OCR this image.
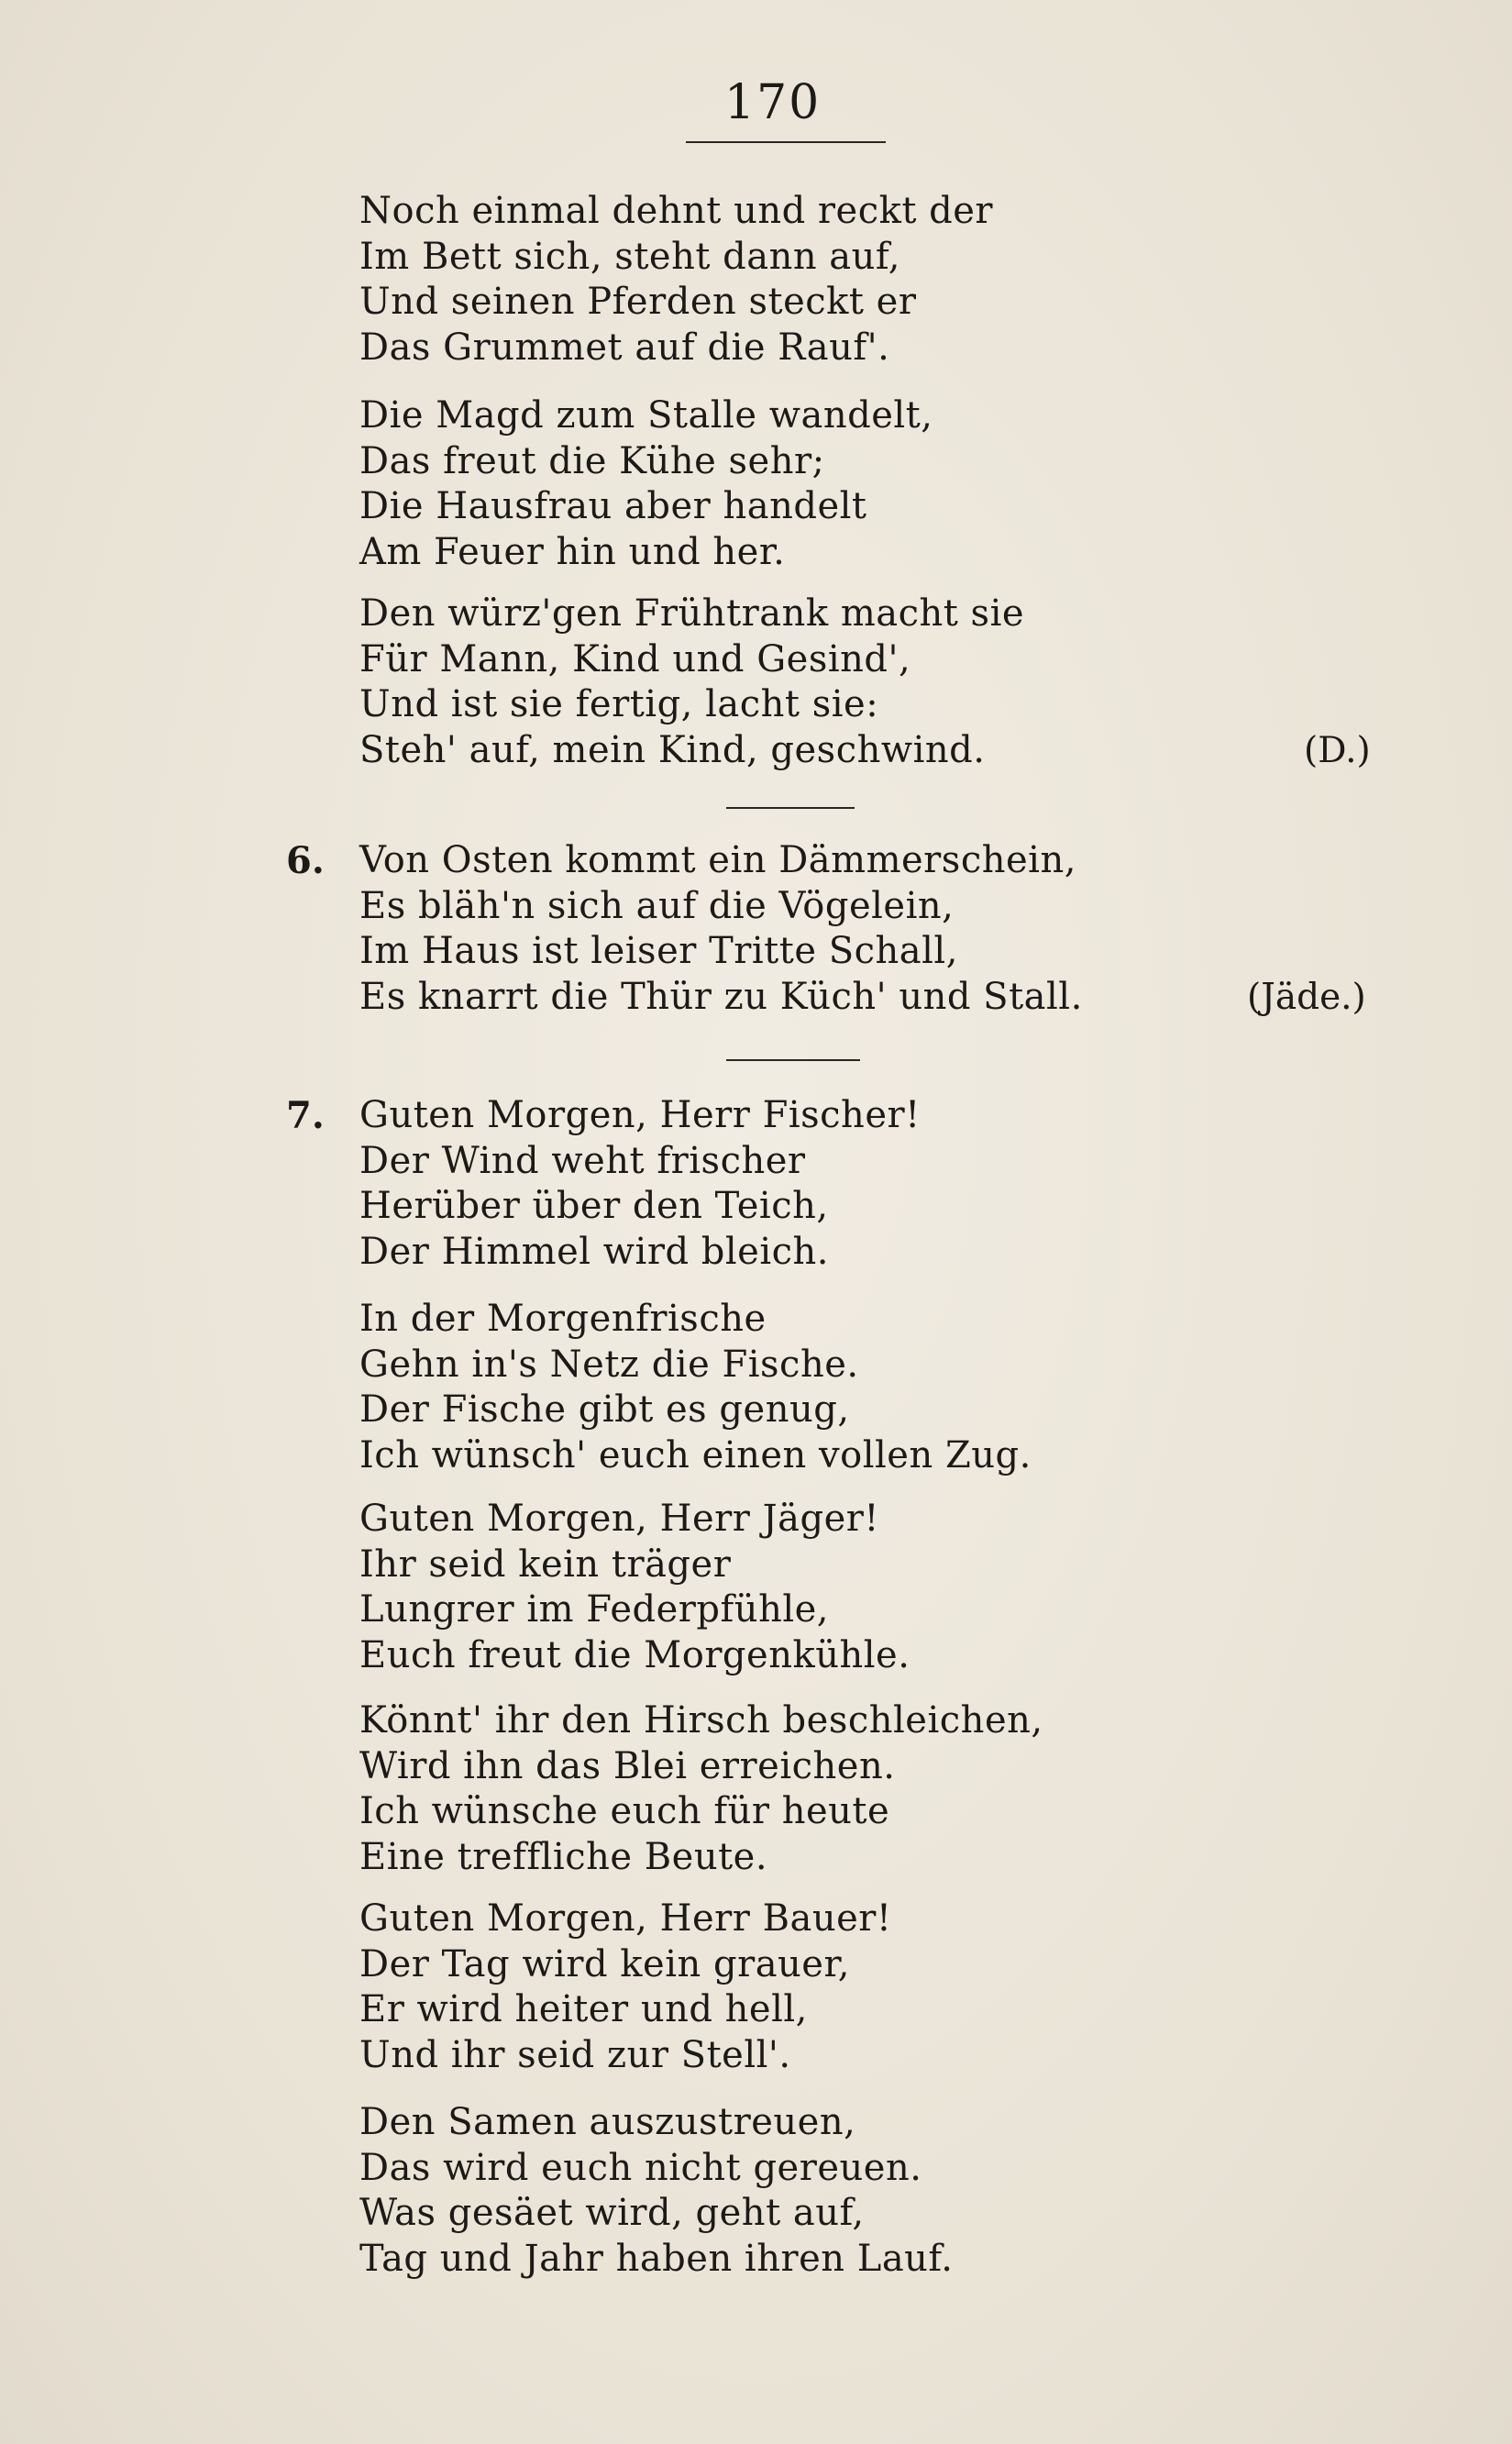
170
Noch einmal dehnt und reckt der
Im Bett sich, steht dann auf,
Und seinen Pferden steckt er
Das Grummet auf die Rauf'.
Die Magd zum Stalle wandelt,
Das freut die Kühe sehr;
Die Hausfrau aber handelt
Am Feuer hin und her.
Den würz'gen Frühtrank macht sie
Für Mann, Kind und Gesind',
Und ist sie fertig, lacht sie:
Steh' auf, mein Kind, geschwind.	(D.)
6. Von Osten kommt ein Dämmerschein,
Es bläh'n sich auf die Vögelein,
Im Haus ist leiser Tritte Schall,
Es knarrt die Thür zu Küch' und Stall.	(Jäde.)
7. Guten Morgen, Herr Fischer!
Der Wind weht frischer
Herüber über den Teich,
Der Himmel wird bleich.
In der Morgenfrische
Gehn in's Netz die Fische.
Der Fische gibt es genug,
Ich wünsch' euch einen vollen Zug.
Guten Morgen, Herr Jäger!
Ihr seid kein träger
Lungrer im Federpfühle,
Euch freut die Morgenkühle.
Könnt' ihr den Hirsch beschleichen,
Wird ihn das Blei erreichen.
Ich wünsche euch für heute
Eine treffliche Beute.
Guten Morgen, Herr Bauer!
Der Tag wird kein grauer,
Er wird heiter und hell,
Und ihr seid zur Stell'.
Den Samen auszustreuen,
Das wird euch nicht gereuen.
Was gesäet wird, geht auf,
Tag und Jahr haben ihren Lauf.
